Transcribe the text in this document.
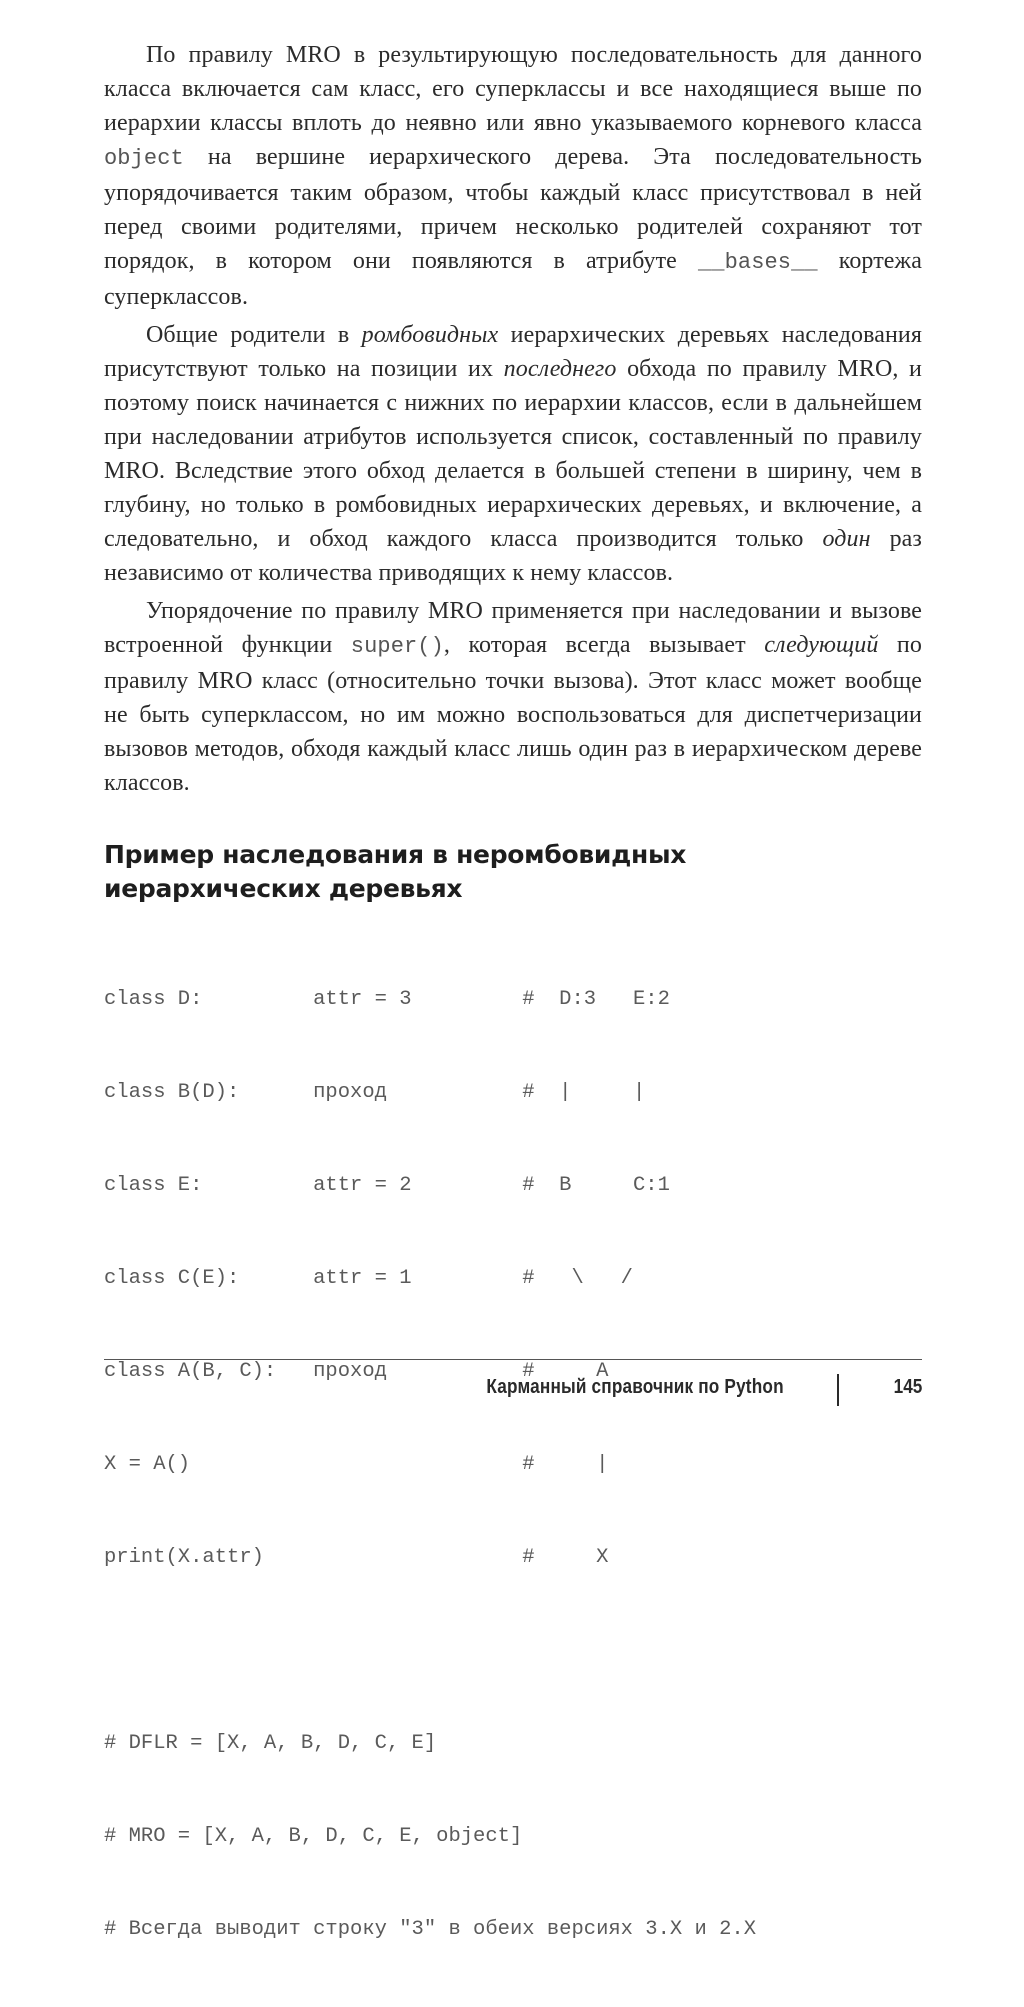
По правилу MRO в результирующую последовательность для данного класса включается сам класс, его суперклассы и все находящиеся выше по иерархии классы вплоть до неявно или явно указываемого корневого класса object на вершине иерархического дерева. Эта последовательность упорядочивается таким образом, чтобы каждый класс присутствовал в ней перед своими родителями, причем несколько родителей сохраняют тот порядок, в котором они появляются в атрибуте __bases__ кортежа суперклассов.

Общие родители в ромбовидных иерархических деревьях наследования присутствуют только на позиции их последнего обхода по правилу MRO, и поэтому поиск начинается с нижних по иерархии классов, если в дальнейшем при наследовании атрибутов используется список, составленный по правилу MRO. Вследствие этого обход делается в большей степени в ширину, чем в глубину, но только в ромбовидных иерархических деревьях, и включение, а следовательно, и обход каждого класса производится только один раз независимо от количества приводящих к нему классов.

Упорядочение по правилу MRO применяется при наследовании и вызове встроенной функции super(), которая всегда вызывает следующий по правилу MRO класс (относительно точки вызова). Этот класс может вообще не быть суперклассом, но им можно воспользоваться для диспетчеризации вызовов методов, обходя каждый класс лишь один раз в иерархическом дереве классов.

Пример наследования в неромбовидных
иерархических деревьях

class D:         attr = 3         #  D:3   E:2

class B(D):      проход           #  |     |

class E:         attr = 2         #  B     C:1

class C(E):      attr = 1         #   \   /

class A(B, C):   проход           #     A

X = A()                           #     |

print(X.attr)                     #     X

# DFLR = [X, A, B, D, C, E]

# MRO = [X, A, B, D, C, E, object]

# Всегда выводит строку "3" в обеих версиях 3.X и 2.X

Карманный справочник по Python	145
